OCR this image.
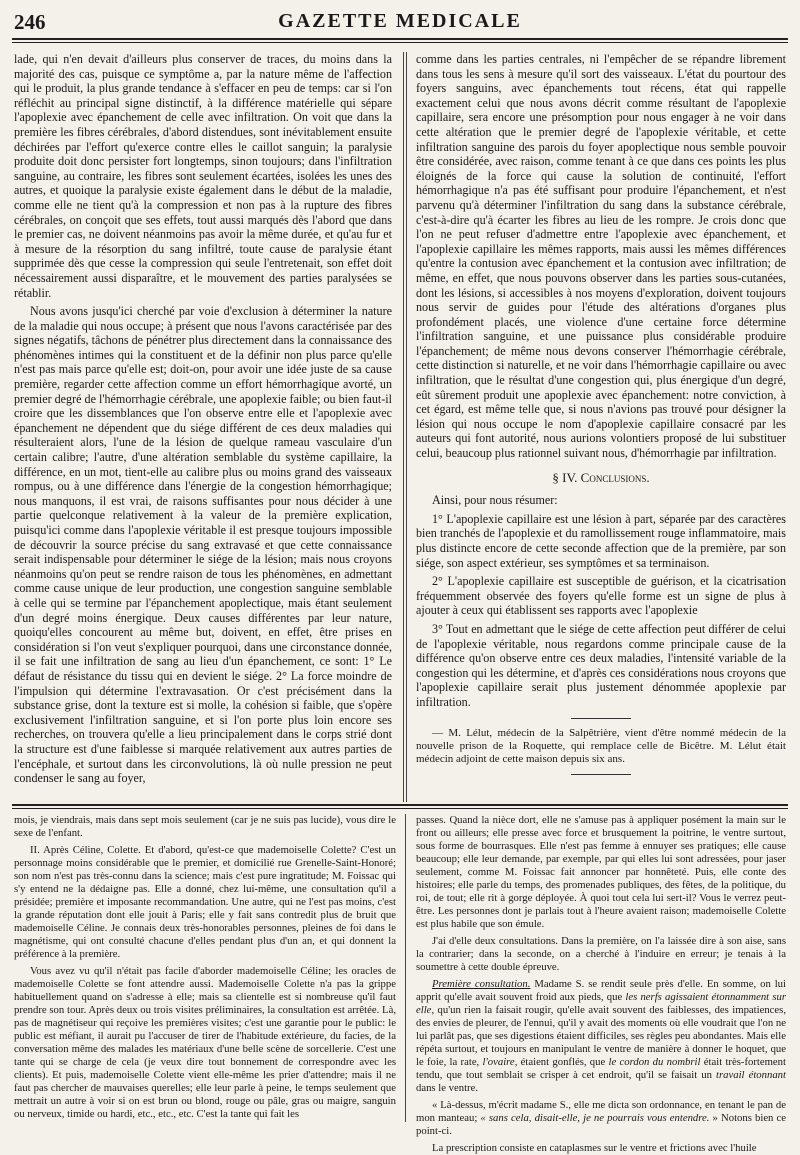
246	GAZETTE MEDICALE

lade, qui n'en devait d'ailleurs plus conserver de traces, du moins dans la majorité des cas, puisque ce symptôme a, par la nature même de l'affection qui le produit, la plus grande tendance à s'effacer en peu de temps: car si l'on réfléchit au principal signe distinctif, à la différence matérielle qui sépare l'apoplexie avec épanchement de celle avec infiltration. On voit que dans la première les fibres cérébrales, d'abord distendues, sont inévitablement ensuite déchirées par l'effort qu'exerce contre elles le caillot sanguin; la paralysie produite doit donc persister fort longtemps, sinon toujours; dans l'infiltration sanguine, au contraire, les fibres sont seulement écartées, isolées les unes des autres, et quoique la paralysie existe également dans le début de la maladie, comme elle ne tient qu'à la compression et non pas à la rupture des fibres cérébrales, on conçoit que ses effets, tout aussi marqués dès l'abord que dans le premier cas, ne doivent néanmoins pas avoir la même durée, et qu'au fur et à mesure de la résorption du sang infiltré, toute cause de paralysie étant supprimée dès que cesse la compression qui seule l'entretenait, son effet doit nécessairement aussi disparaître, et le mouvement des parties paralysées se rétablir.

Nous avons jusqu'ici cherché par voie d'exclusion à déterminer la nature de la maladie qui nous occupe; à présent que nous l'avons caractérisée par des signes négatifs, tâchons de pénétrer plus directement dans la connaissance des phénomènes intimes qui la constituent et de la définir non plus parce qu'elle n'est pas mais parce qu'elle est; doit-on, pour avoir une idée juste de sa cause première, regarder cette affection comme un effort hémorrhagique avorté, un premier degré de l'hémorrhagie cérébrale, une apoplexie faible; ou bien faut-il croire que les dissemblances que l'on observe entre elle et l'apoplexie avec épanchement ne dépendent que du siége différent de ces deux maladies qui résulteraient alors, l'une de la lésion de quelque rameau vasculaire d'un certain calibre; l'autre, d'une altération semblable du système capillaire, la différence, en un mot, tient-elle au calibre plus ou moins grand des vaisseaux rompus, ou à une différence dans l'énergie de la congestion hémorrhagique; nous manquons, il est vrai, de raisons suffisantes pour nous décider à une partie quelconque relativement à la valeur de la première explication, puisqu'ici comme dans l'apoplexie véritable il est presque toujours impossible de découvrir la source précise du sang extravasé et que cette connaissance serait indispensable pour déterminer le siége de la lésion; mais nous croyons néanmoins qu'on peut se rendre raison de tous les phénomènes, en admettant comme cause unique de leur production, une congestion sanguine semblable à celle qui se termine par l'épanchement apoplectique, mais étant seulement d'un degré moins énergique. Deux causes différentes par leur nature, quoiqu'elles concourent au même but, doivent, en effet, être prises en considération si l'on veut s'expliquer pourquoi, dans une circonstance donnée, il se fait une infiltration de sang au lieu d'un épanchement, ce sont: 1° Le défaut de résistance du tissu qui en devient le siége. 2° La force moindre de l'impulsion qui détermine l'extravasation. Or c'est précisément dans la substance grise, dont la texture est si molle, la cohésion si faible, que s'opère exclusivement l'infiltration sanguine, et si l'on porte plus loin encore ses recherches, on trouvera qu'elle a lieu principalement dans le corps strié dont la structure est d'une faiblesse si marquée relativement aux autres parties de l'encéphale, et surtout dans les circonvolutions, là où nulle pression ne peut condenser le sang au foyer,

comme dans les parties centrales, ni l'empêcher de se répandre librement dans tous les sens à mesure qu'il sort des vaisseaux. L'état du pourtour des foyers sanguins, avec épanchements tout récens, état qui rappelle exactement celui que nous avons décrit comme résultant de l'apoplexie capillaire, sera encore une présomption pour nous engager à ne voir dans cette altération que le premier degré de l'apoplexie véritable, et cette infiltration sanguine des parois du foyer apoplectique nous semble pouvoir être considérée, avec raison, comme tenant à ce que dans ces points les plus éloignés de la force qui cause la solution de continuité, l'effort hémorrhagique n'a pas été suffisant pour produire l'épanchement, et n'est parvenu qu'à déterminer l'infiltration du sang dans la substance cérébrale, c'est-à-dire qu'à écarter les fibres au lieu de les rompre. Je crois donc que l'on ne peut refuser d'admettre entre l'apoplexie avec épanchement, et l'apoplexie capillaire les mêmes rapports, mais aussi les mêmes différences qu'entre la contusion avec épanchement et la contusion avec infiltration; de même, en effet, que nous pouvons observer dans les parties sous-cutanées, dont les lésions, si accessibles à nos moyens d'exploration, doivent toujours nous servir de guides pour l'étude des altérations d'organes plus profondément placés, une violence d'une certaine force détermine l'infiltration sanguine, et une puissance plus considérable produire l'épanchement; de même nous devons conserver l'hémorrhagie cérébrale, cette distinction si naturelle, et ne voir dans l'hémorrhagie capillaire ou avec infiltration, que le résultat d'une congestion qui, plus énergique d'un degré, eût sûrement produit une apoplexie avec épanchement: notre conviction, à cet égard, est même telle que, si nous n'avions pas trouvé pour désigner la lésion qui nous occupe le nom d'apoplexie capillaire consacré par les auteurs qui font autorité, nous aurions volontiers proposé de lui substituer celui, beaucoup plus rationnel suivant nous, d'hémorrhagie par infiltration.

§ IV. Conclusions.

Ainsi, pour nous résumer:

1° L'apoplexie capillaire est une lésion à part, séparée par des caractères bien tranchés de l'apoplexie et du ramollissement rouge inflammatoire, mais plus distincte encore de cette seconde affection que de la première, par son siége, son aspect extérieur, ses symptômes et sa terminaison.

2° L'apoplexie capillaire est susceptible de guérison, et la cicatrisation fréquemment observée des foyers qu'elle forme est un signe de plus à ajouter à ceux qui établissent ses rapports avec l'apoplexie

3° Tout en admettant que le siége de cette affection peut différer de celui de l'apoplexie véritable, nous regardons comme principale cause de la différence qu'on observe entre ces deux maladies, l'intensité variable de la congestion qui les détermine, et d'après ces considérations nous croyons que l'apoplexie capillaire serait plus justement dénommée apoplexie par infiltration.

— M. Lélut, médecin de la Salpêtrière, vient d'être nommé médecin de la nouvelle prison de la Roquette, qui remplace celle de Bicêtre. M. Lélut était médecin adjoint de cette maison depuis six ans.

mois, je viendrais, mais dans sept mois seulement (car je ne suis pas lucide), vous dire le sexe de l'enfant.

II. Après Céline, Colette. Et d'abord, qu'est-ce que mademoiselle Colette? C'est un personnage moins considérable que le premier, et domicilié rue Grenelle-Saint-Honoré; son nom n'est pas très-connu dans la science; mais c'est pure ingratitude; M. Foissac qui s'y entend ne la dédaigne pas. Elle a donné, chez lui-même, une consultation qu'il a présidée; première et imposante recommandation. Une autre, qui ne l'est pas moins, c'est la grande réputation dont elle jouit à Paris; elle y fait sans contredit plus de bruit que mademoiselle Céline. Je connais deux très-honorables personnes, pleines de foi dans le magnétisme, qui ont consulté chacune d'elles pendant plus d'un an, et qui donnent la préférence à la première.

Vous avez vu qu'il n'était pas facile d'aborder mademoiselle Céline; les oracles de mademoiselle Colette se font attendre aussi. Mademoiselle Colette n'a pas la grippe habituellement quand on s'adresse à elle; mais sa clientelle est si nombreuse qu'il faut prendre son tour. Après deux ou trois visites préliminaires, la consultation est arrêtée. Là, pas de magnétiseur qui reçoive les premières visites; c'est une garantie pour le public: le public est méfiant, il aurait pu l'accuser de tirer de l'habitude extérieure, du facies, de la conversation même des malades les matériaux d'une belle scène de sorcellerie. C'est une tante qui se charge de cela (je veux dire tout bonnement de correspondre avec les clients). Et puis, mademoiselle Colette vient elle-même les prier d'attendre; mais il ne faut pas chercher de mauvaises querelles; elle leur parle à peine, le temps seulement que mettrait un autre à voir si on est brun ou blond, rouge ou pâle, gras ou maigre, sanguin ou nerveux, timide ou hardi, etc., etc., etc. C'est la tante qui fait les

passes. Quand la nièce dort, elle ne s'amuse pas à appliquer posément la main sur le front ou ailleurs; elle presse avec force et brusquement la poitrine, le ventre surtout, sous forme de bourrasques. Elle n'est pas femme à ennuyer ses pratiques; elle cause beaucoup; elle leur demande, par exemple, par qui elles lui sont adressées, pour jaser seulement, comme M. Foissac fait annoncer par honnêteté. Puis, elle conte des histoires; elle parle du temps, des promenades publiques, des fêtes, de la politique, du roi, de tout; elle rit à gorge déployée. À quoi tout cela lui sert-il? Vous le verrez peut-être. Les personnes dont je parlais tout à l'heure avaient raison; mademoiselle Colette est plus habile que son émule.

J'ai d'elle deux consultations. Dans la première, on l'a laissée dire à son aise, sans la contrarier; dans la seconde, on a cherché à l'induire en erreur; je tenais à la soumettre à cette double épreuve.

Première consultation. Madame S. se rendit seule près d'elle. En somme, on lui apprit qu'elle avait souvent froid aux pieds, que les nerfs agissaient étonnamment sur elle, qu'un rien la faisait rougir, qu'elle avait souvent des faiblesses, des impatiences, des envies de pleurer, de l'ennui, qu'il y avait des moments où elle voudrait que l'on ne lui parlât pas, que ses digestions étaient difficiles, ses règles peu abondantes. Mais elle répéta surtout, et toujours en manipulant le ventre de manière à donner le hoquet, que le foie, la rate, l'ovaire, étaient gonflés, que le cordon du nombril était très-fortement tendu, que tout semblait se crisper à cet endroit, qu'il se faisait un travail étonnant dans le ventre.

« Là-dessus, m'écrit madame S., elle me dicta son ordonnance, en tenant le pan de mon manteau; « sans cela, disait-elle, je ne pourrais vous entendre. » Notons bien ce point-ci.

La prescription consiste en cataplasmes sur le ventre et frictions avec l'huile
